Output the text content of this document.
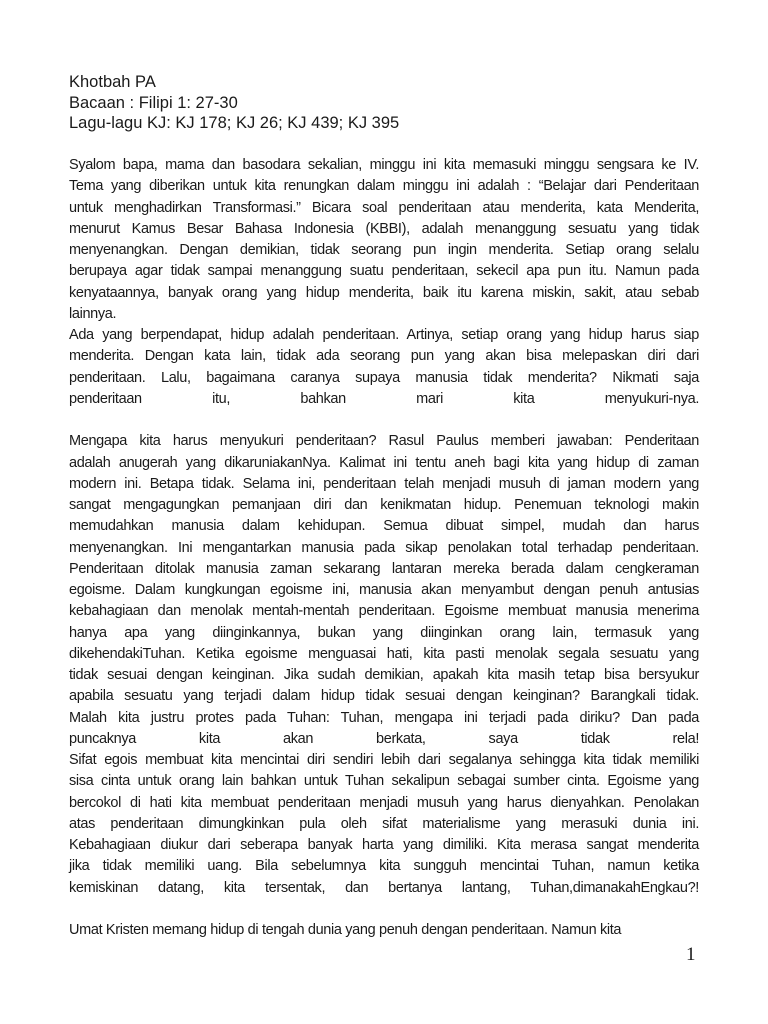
Khotbah PA
Bacaan : Filipi 1: 27-30
Lagu-lagu KJ: KJ 178; KJ 26; KJ 439; KJ 395
Syalom bapa, mama dan basodara sekalian, minggu ini kita memasuki minggu sengsara ke IV.
Tema yang diberikan untuk kita renungkan dalam minggu ini adalah : “Belajar dari Penderitaan
untuk menghadirkan Transformasi.” Bicara soal penderitaan atau menderita, kata Menderita,
menurut Kamus Besar Bahasa Indonesia (KBBI), adalah menanggung sesuatu yang tidak
menyenangkan. Dengan demikian, tidak seorang pun ingin menderita. Setiap orang selalu
berupaya agar tidak sampai menanggung suatu penderitaan, sekecil apa pun itu. Namun pada
kenyataannya, banyak orang yang hidup menderita, baik itu karena miskin, sakit, atau sebab
lainnya.
Ada yang berpendapat, hidup adalah penderitaan. Artinya, setiap orang yang hidup harus siap
menderita. Dengan kata lain, tidak ada seorang pun yang akan bisa melepaskan diri dari
penderitaan. Lalu, bagaimana caranya supaya manusia tidak menderita? Nikmati saja
penderitaan itu, bahkan mari kita menyukuri-nya.
Mengapa kita harus menyukuri penderitaan? Rasul Paulus memberi jawaban: Penderitaan
adalah anugerah yang dikaruniakanNya. Kalimat ini tentu aneh bagi kita yang hidup di zaman
modern ini. Betapa tidak. Selama ini, penderitaan telah menjadi musuh di jaman modern yang
sangat mengagungkan pemanjaan diri dan kenikmatan hidup. Penemuan teknologi makin
memudahkan manusia dalam kehidupan. Semua dibuat simpel, mudah dan harus
menyenangkan. Ini mengantarkan manusia pada sikap penolakan total terhadap penderitaan.
Penderitaan ditolak manusia zaman sekarang lantaran mereka berada dalam cengkeraman
egoisme. Dalam kungkungan egoisme ini, manusia akan menyambut dengan penuh antusias
kebahagiaan dan menolak mentah-mentah penderitaan. Egoisme membuat manusia menerima
hanya apa yang diinginkannya, bukan yang diinginkan orang lain, termasuk yang
dikehendakiTuhan. Ketika egoisme menguasai hati, kita pasti menolak segala sesuatu yang
tidak sesuai dengan keinginan. Jika sudah demikian, apakah kita masih tetap bisa bersyukur
apabila sesuatu yang terjadi dalam hidup tidak sesuai dengan keinginan? Barangkali tidak.
Malah kita justru protes pada Tuhan: Tuhan, mengapa ini terjadi pada diriku? Dan pada
puncaknya kita akan berkata, saya tidak rela!
Sifat egois membuat kita mencintai diri sendiri lebih dari segalanya sehingga kita tidak memiliki
sisa cinta untuk orang lain bahkan untuk Tuhan sekalipun sebagai sumber cinta. Egoisme yang
bercokol di hati kita membuat penderitaan menjadi musuh yang harus dienyahkan. Penolakan
atas penderitaan dimungkinkan pula oleh sifat materialisme yang merasuki dunia ini.
Kebahagiaan diukur dari seberapa banyak harta yang dimiliki. Kita merasa sangat menderita
jika tidak memiliki uang. Bila sebelumnya kita sungguh mencintai Tuhan, namun ketika
kemiskinan datang, kita tersentak, dan bertanya lantang, Tuhan,dimanakahEngkau?!
Umat Kristen memang hidup di tengah dunia yang penuh dengan penderitaan. Namun kita
1
